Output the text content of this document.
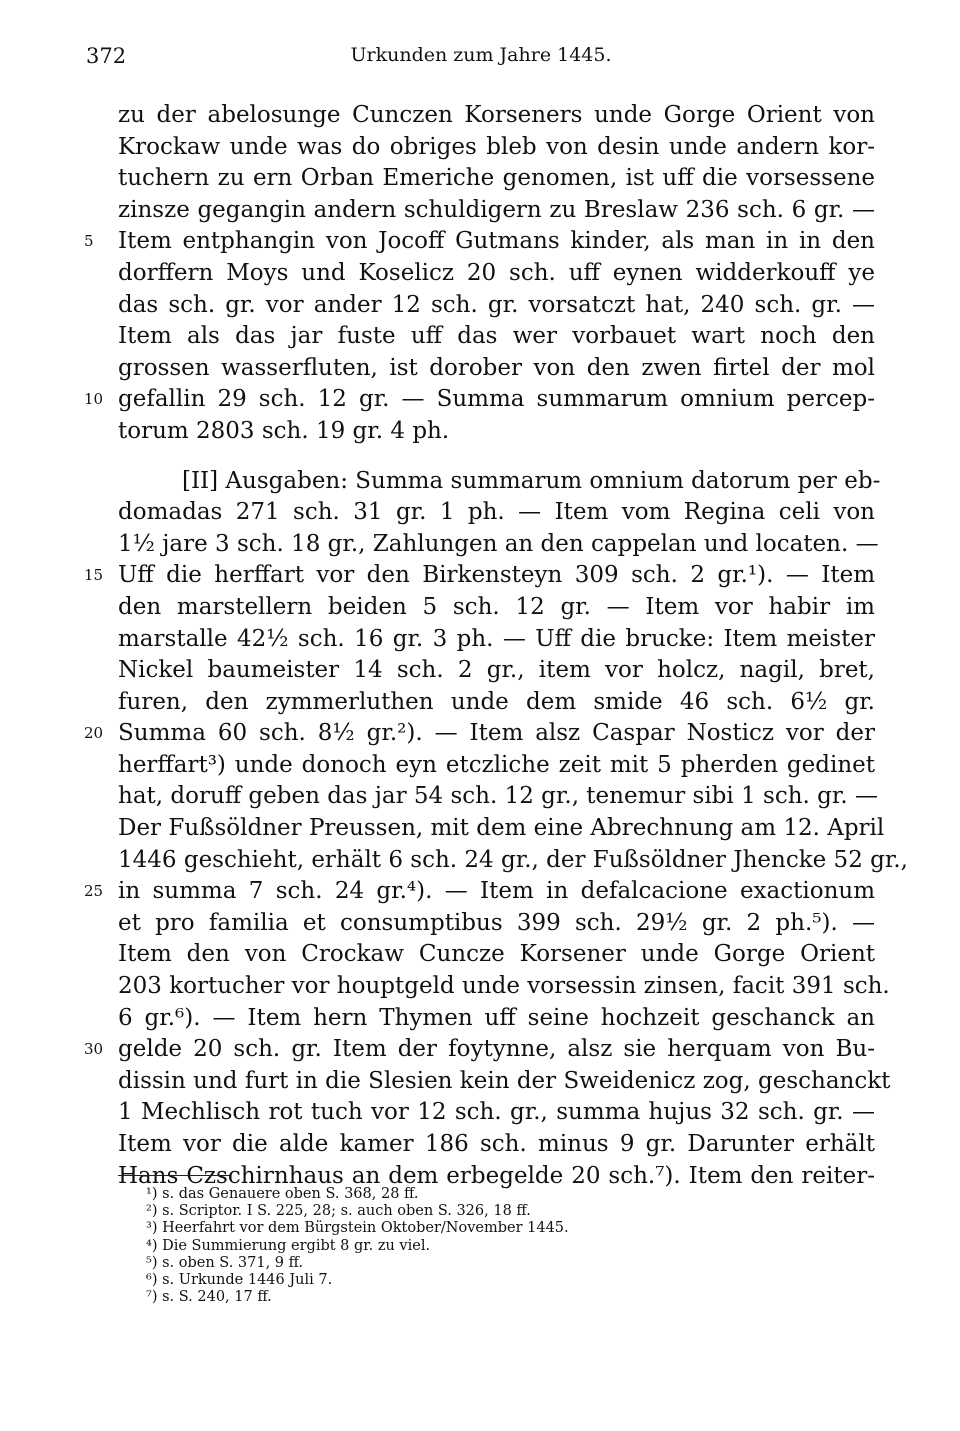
372	Urkunden zum Jahre 1445.
zu der abelosunge Cunczen Korseners unde Gorge Orient von
Krockaw unde was do obriges bleb von desin unde andern kor-
tuchern zu ern Orban Emeriche genomen, ist uff die vorsessene
zinsze gegangin andern schuldigern zu Breslaw 236 sch. 6 gr. —
5	Item entphangin von Jocoff Gutmans kinder, als man in in den
dorffern Moys und Koselicz 20 sch. uff eynen widderkouff ye
das sch. gr. vor ander 12 sch. gr. vorsatczt hat, 240 sch. gr. —
Item als das jar fuste uff das wer vorbauet wart noch den
grossen wasserfluten, ist dorober von den zwen firtel der mol
10 gefallin 29 sch. 12 gr. — Summa summarum omnium percep-
torum 2803 sch. 19 gr. 4 ph.
[II] Ausgaben: Summa summarum omnium datorum per eb-
domadas 271 sch. 31 gr. 1 ph. — Item vom Regina celi von
1½ jare 3 sch. 18 gr., Zahlungen an den cappelan und locaten. —
15 Uff die herffart vor den Birkensteyn 309 sch. 2 gr.¹). — Item
den marstellern beiden 5 sch. 12 gr. — Item vor habir im
marstalle 42½ sch. 16 gr. 3 ph. — Uff die brucke: Item meister
Nickel baumeister 14 sch. 2 gr., item vor holcz, nagil, bret,
furen, den zymmerluthen unde dem smide 46 sch. 6½ gr.
20 Summa 60 sch. 8½ gr.²). — Item alsz Caspar Nosticz vor der
herffart³) unde donoch eyn etczliche zeit mit 5 pherden gedinet
hat, doruff geben das jar 54 sch. 12 gr., tenemur sibi 1 sch. gr. —
Der Fußsöldner Preussen, mit dem eine Abrechnung am 12. April
1446 geschieht, erhält 6 sch. 24 gr., der Fußsöldner Jhencke 52 gr.,
25 in summa 7 sch. 24 gr.⁴). — Item in defalcacione exactionum
et pro familia et consumptibus 399 sch. 29½ gr. 2 ph.⁵). —
Item den von Crockaw Cuncze Korsener unde Gorge Orient
203 kortucher vor houptgeld unde vorsessin zinsen, facit 391 sch.
6 gr.⁶). — Item hern Thymen uff seine hochzeit geschanck an
30 gelde 20 sch. gr. Item der foytynne, alsz sie herquam von Bu-
dissin und furt in die Slesien kein der Sweidenicz zog, geschanckt
1 Mechlisch rot tuch vor 12 sch. gr., summa hujus 32 sch. gr. —
Item vor die alde kamer 186 sch. minus 9 gr. Darunter erhält
Hans Czschirnhaus an dem erbegelde 20 sch.⁷). Item den reiter-
¹) s. das Genauere oben S. 368, 28 ff.
²) s. Scriptor. I S. 225, 28; s. auch oben S. 326, 18 ff.
³) Heerfahrt vor dem Bürgstein Oktober/November 1445.
⁴) Die Summierung ergibt 8 gr. zu viel.
⁵) s. oben S. 371, 9 ff.
⁶) s. Urkunde 1446 Juli 7.
⁷) s. S. 240, 17 ff.
